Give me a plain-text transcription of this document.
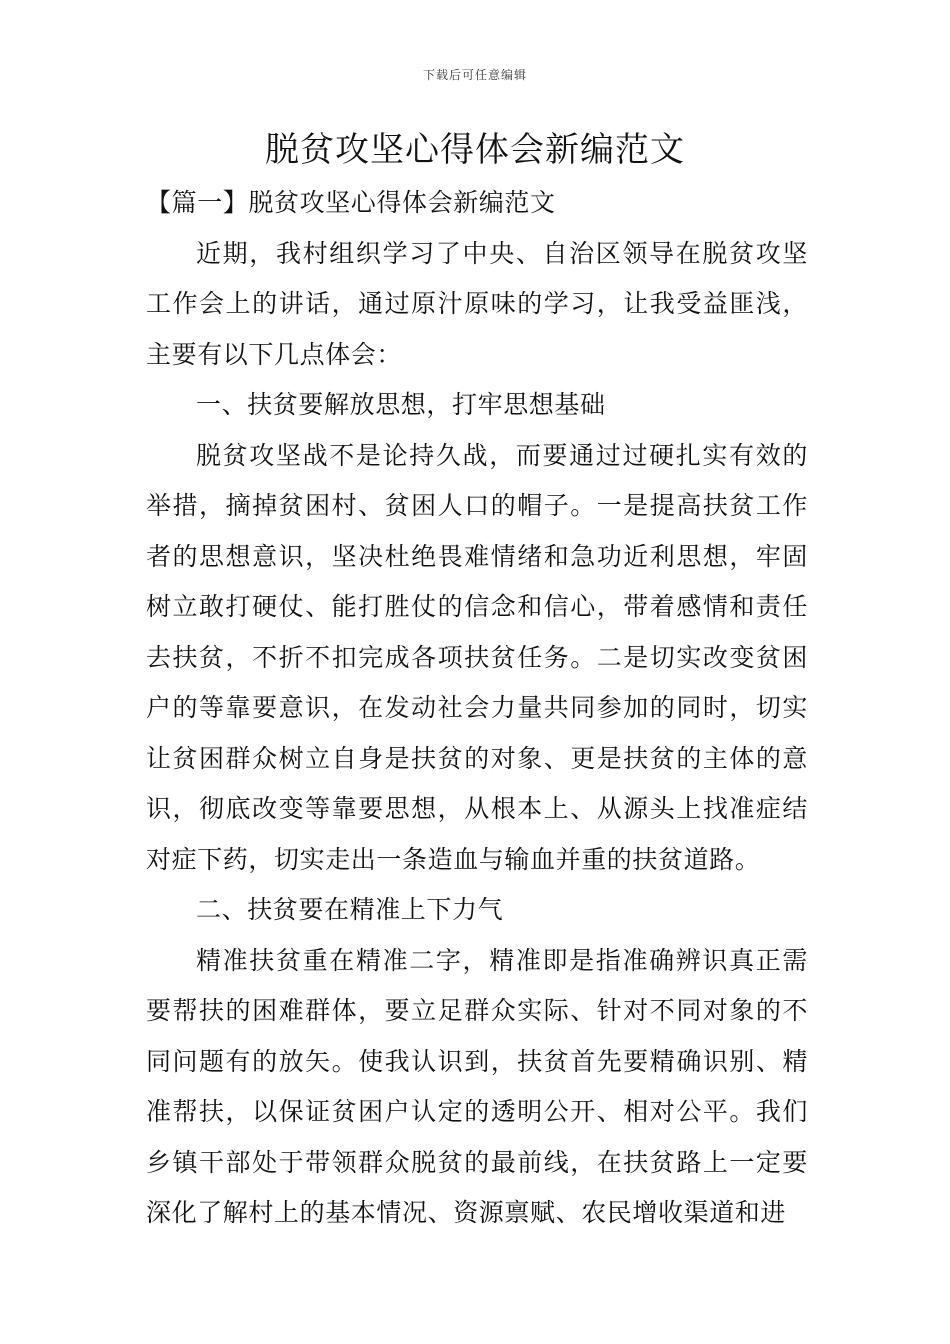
下载后可任意编辑
脱贫攻坚心得体会新编范文
【篇一】脱贫攻坚心得体会新编范文

近期，我村组织学习了中央、自治区领导在脱贫攻坚工作会上的讲话，通过原汁原味的学习，让我受益匪浅，主要有以下几点体会：

一、扶贫要解放思想，打牢思想基础

脱贫攻坚战不是论持久战，而要通过过硬扎实有效的举措，摘掉贫困村、贫困人口的帽子。一是提高扶贫工作者的思想意识，坚决杜绝畏难情绪和急功近利思想，牢固树立敢打硬仗、能打胜仗的信念和信心，带着感情和责任去扶贫，不折不扣完成各项扶贫任务。二是切实改变贫困户的等靠要意识，在发动社会力量共同参加的同时，切实让贫困群众树立自身是扶贫的对象、更是扶贫的主体的意识，彻底改变等靠要思想，从根本上、从源头上找准症结对症下药，切实走出一条造血与输血并重的扶贫道路。

二、扶贫要在精准上下力气

精准扶贫重在精准二字，精准即是指准确辨识真正需要帮扶的困难群体，要立足群众实际、针对不同对象的不同问题有的放矢。使我认识到，扶贫首先要精确识别、精准帮扶，以保证贫困户认定的透明公开、相对公平。我们乡镇干部处于带领群众脱贫的最前线，在扶贫路上一定要深化了解村上的基本情况、资源禀赋、农民增收渠道和进
